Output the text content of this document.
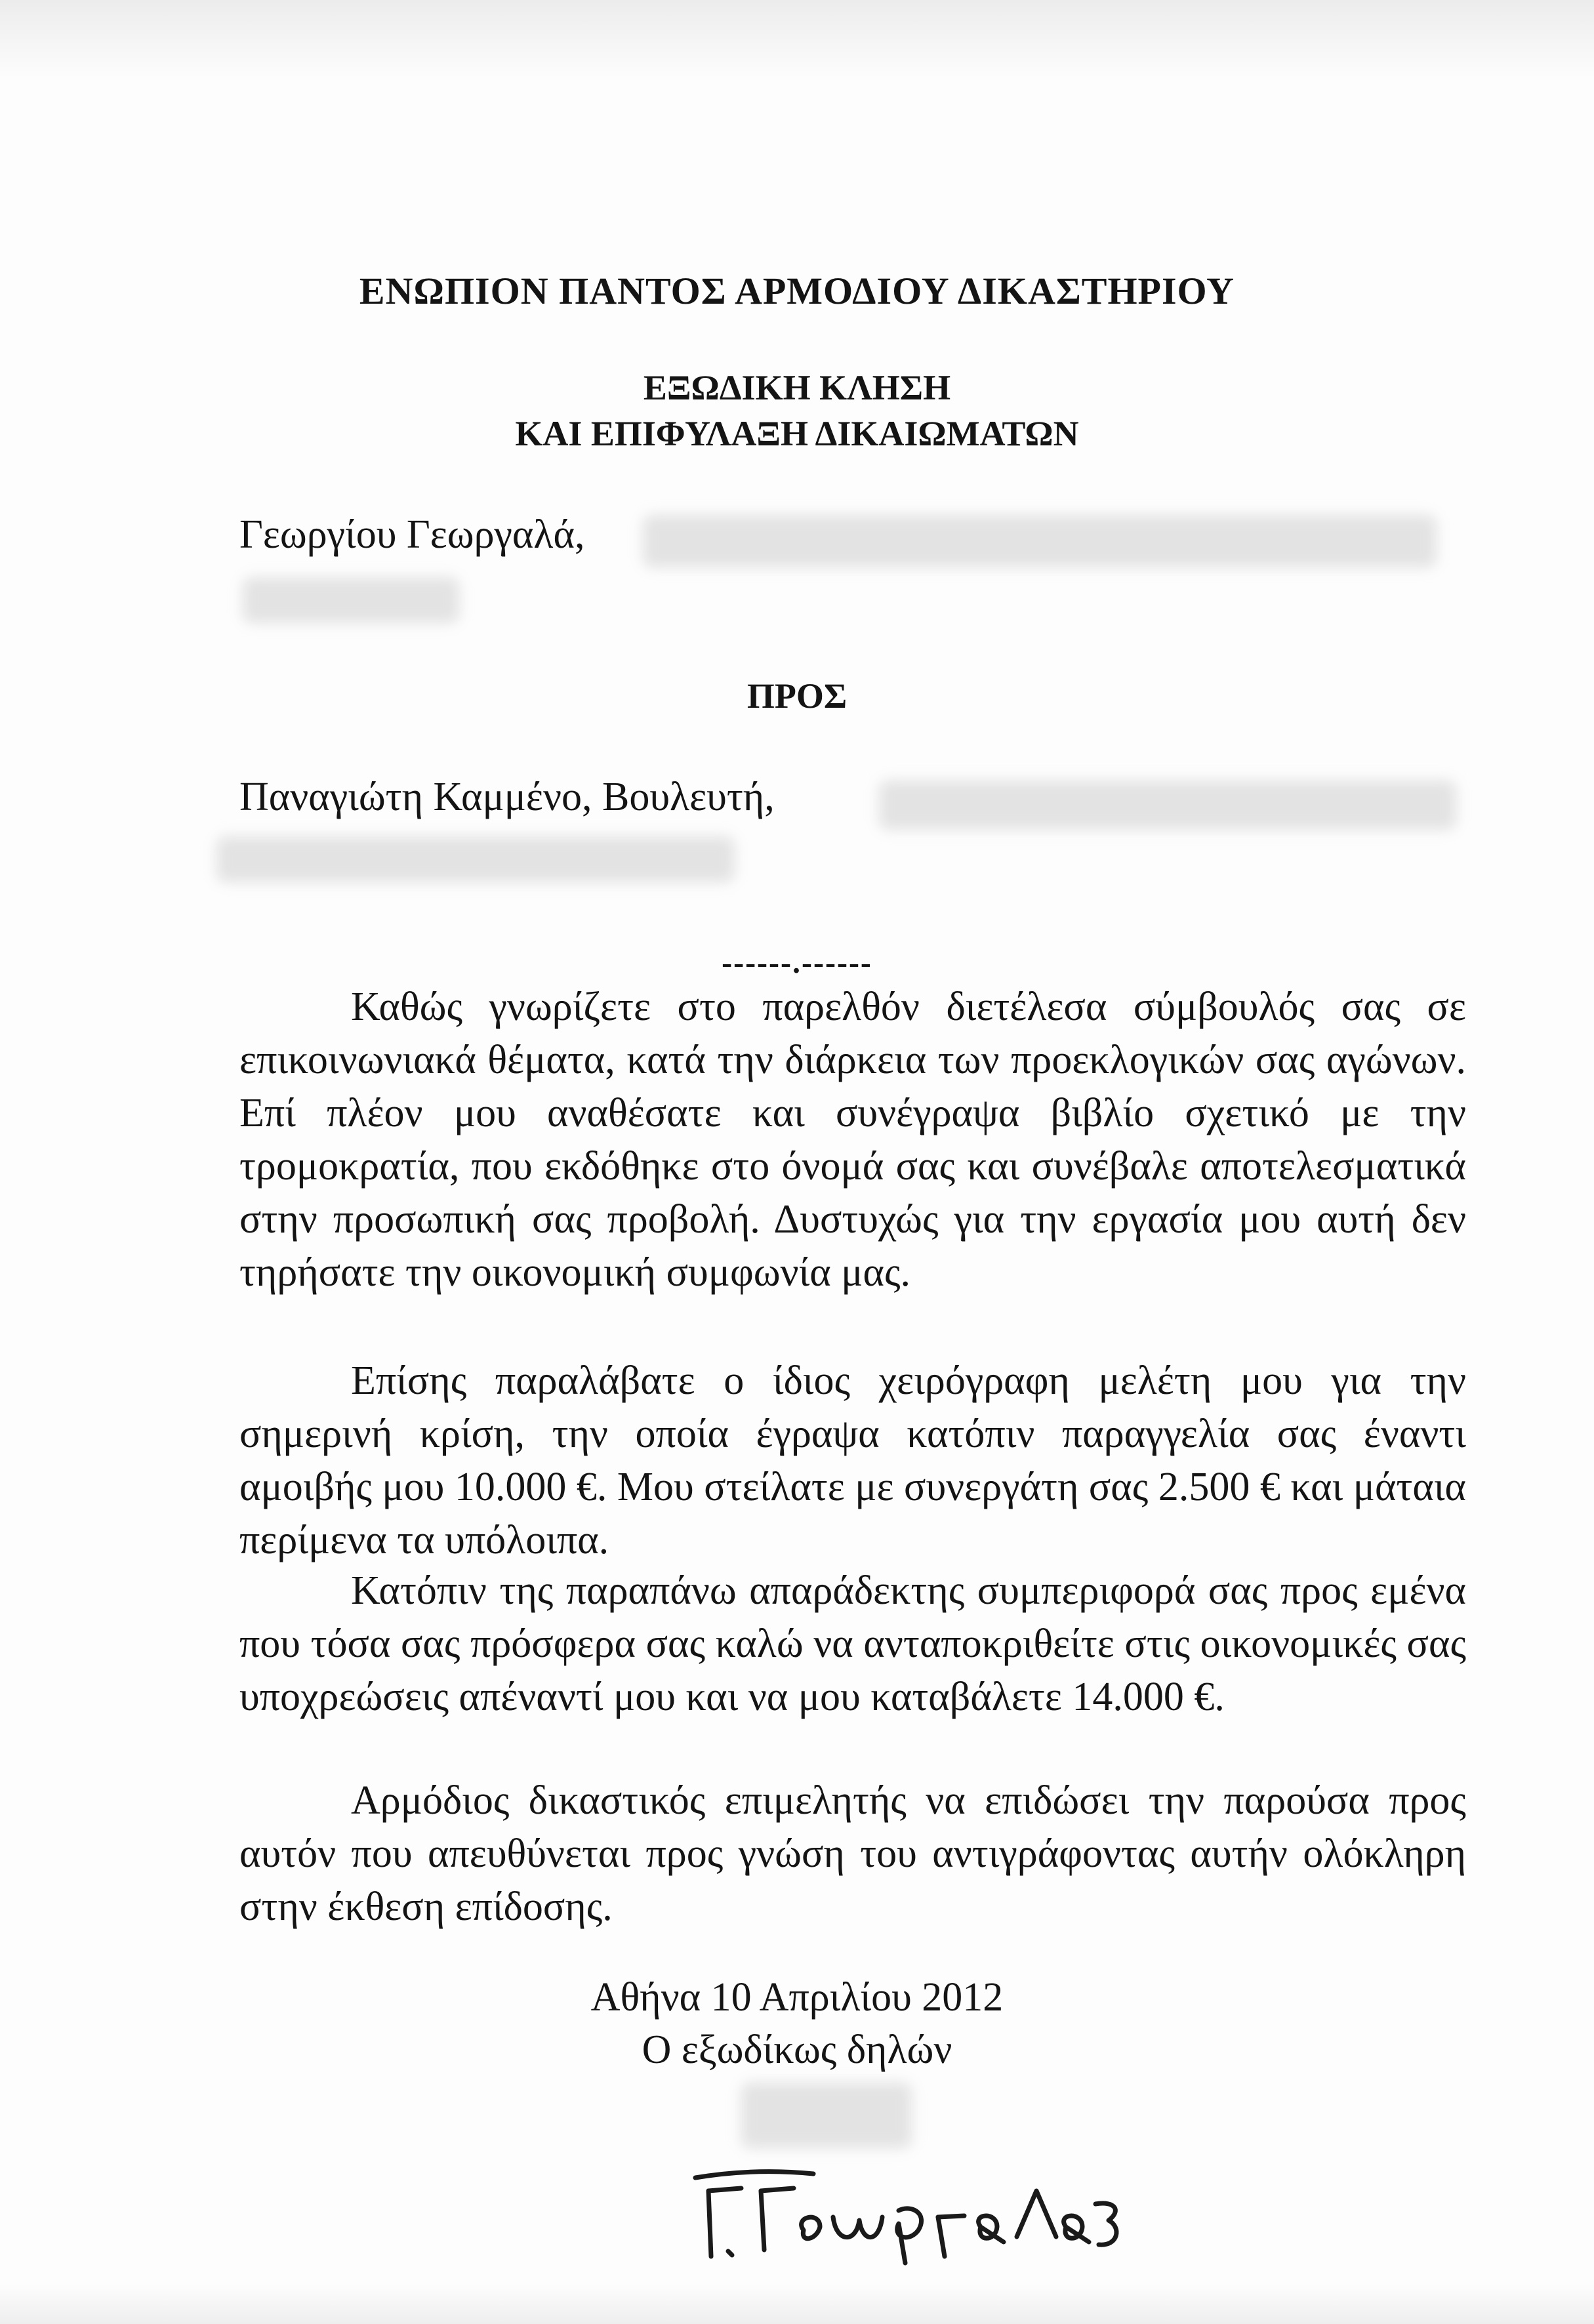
ΕΝΩΠΙΟΝ ΠΑΝΤΟΣ ΑΡΜΟΔΙΟΥ ΔΙΚΑΣΤΗΡΙΟΥ
ΕΞΩΔΙΚΗ ΚΛΗΣΗ
ΚΑΙ ΕΠΙΦΥΛΑΞΗ ΔΙΚΑΙΩΜΑΤΩΝ
Γεωργίου Γεωργαλά,
ΠΡΟΣ
Παναγιώτη Καμμένο, Βουλευτή,
------.------

Καθώς γνωρίζετε στο παρελθόν διετέλεσα σύμβουλός σας σε επικοινωνιακά θέματα, κατά την διάρκεια των προεκλογικών σας αγώνων. Επί πλέον μου αναθέσατε και συνέγραψα βιβλίο σχετικό με την τρομοκρατία, που εκδόθηκε στο όνομά σας και συνέβαλε αποτελεσματικά στην προσωπική σας προβολή. Δυστυχώς για την εργασία μου αυτή δεν τηρήσατε την οικονομική συμφωνία μας.

Επίσης παραλάβατε ο ίδιος χειρόγραφη μελέτη μου για την σημερινή κρίση, την οποία έγραψα κατόπιν παραγγελία σας έναντι αμοιβής μου 10.000 €. Μου στείλατε με συνεργάτη σας 2.500 € και μάταια περίμενα τα υπόλοιπα.

Κατόπιν της παραπάνω απαράδεκτης συμπεριφορά σας προς εμένα που τόσα σας πρόσφερα σας καλώ να ανταποκριθείτε στις οικονομικές σας υποχρεώσεις απέναντί μου και να μου καταβάλετε 14.000 €.

Αρμόδιος δικαστικός επιμελητής να επιδώσει την παρούσα προς αυτόν που απευθύνεται προς γνώση του αντιγράφοντας αυτήν ολόκληρη στην έκθεση επίδοσης.

Αθήνα 10 Απριλίου 2012
Ο εξωδίκως δηλών
